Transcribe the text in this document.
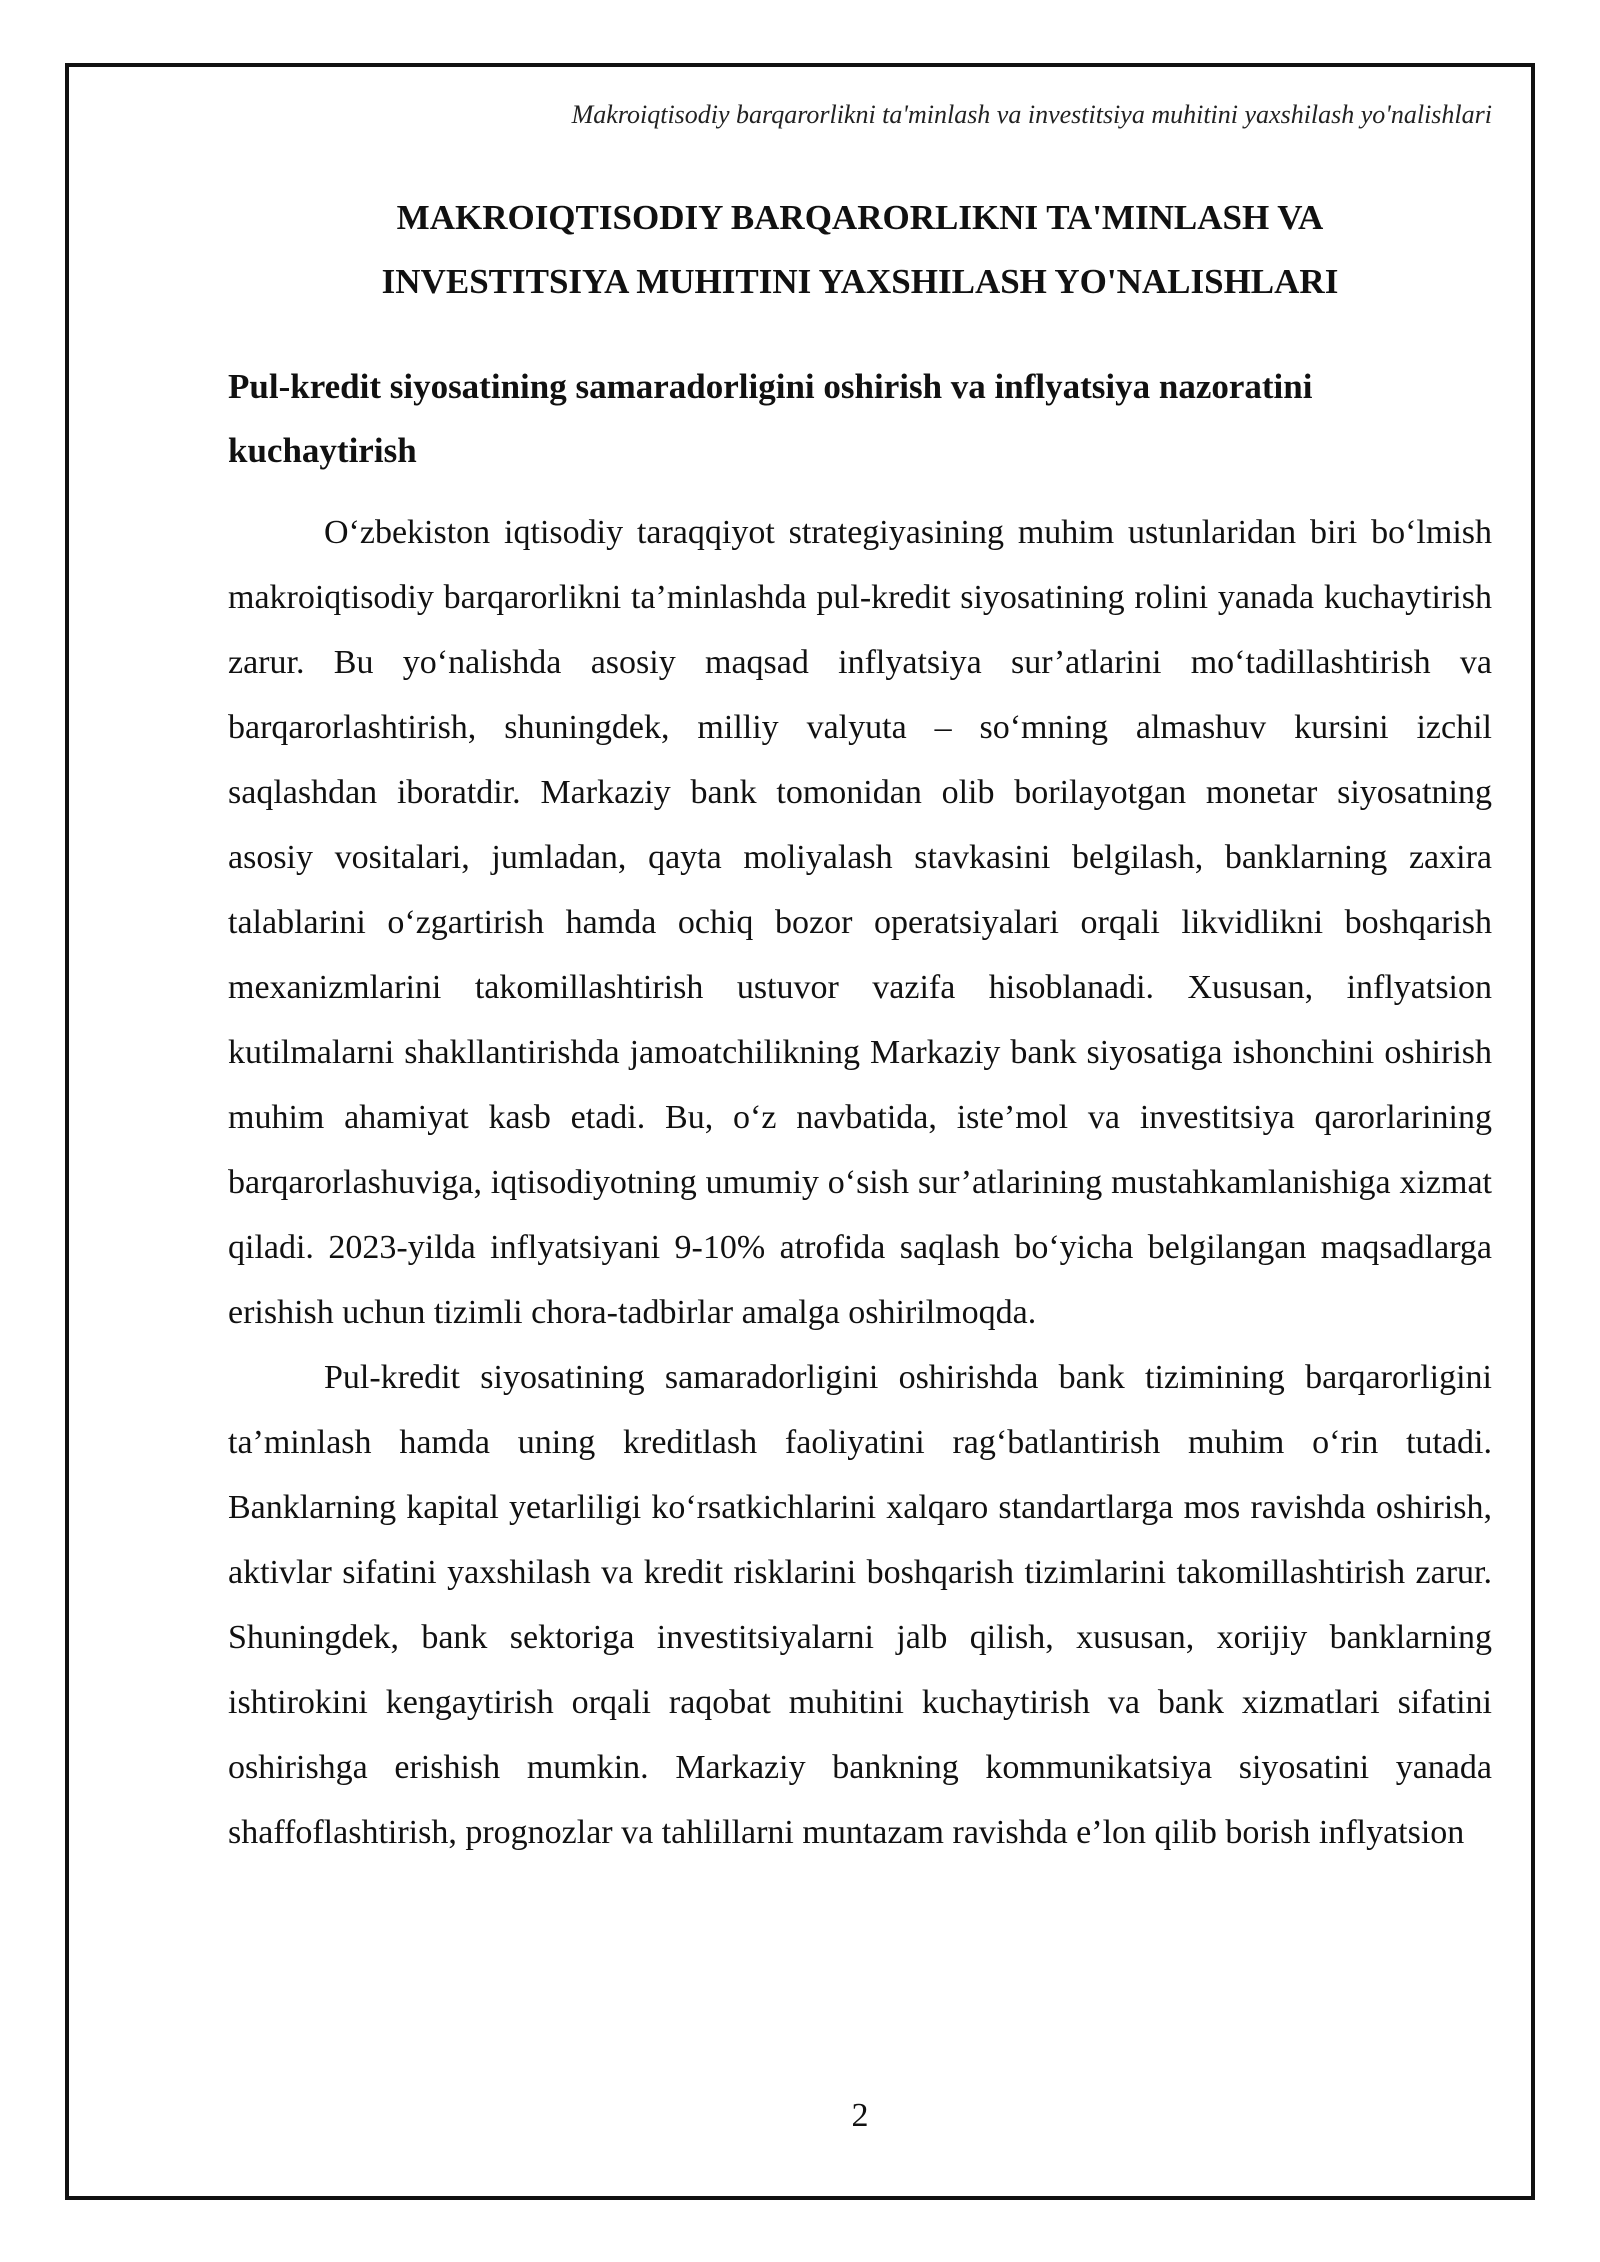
Makroiqtisodiy barqarorlikni ta'minlash va investitsiya muhitini yaxshilash yo'nalishlari
MAKROIQTISODIY BARQARORLIKNI TA'MINLASH VA
INVESTITSIYA MUHITINI YAXSHILASH YO'NALISHLARI
Pul-kredit siyosatining samaradorligini oshirish va inflyatsiya nazoratini kuchaytirish

O‘zbekiston iqtisodiy taraqqiyot strategiyasining muhim ustunlaridan biri bo‘lmish makroiqtisodiy barqarorlikni ta’minlashda pul-kredit siyosatining rolini yanada kuchaytirish zarur. Bu yo‘nalishda asosiy maqsad inflyatsiya sur’atlarini mo‘tadillashtirish va barqarorlashtirish, shuningdek, milliy valyuta – so‘mning almashuv kursini izchil saqlashdan iboratdir. Markaziy bank tomonidan olib borilayotgan monetar siyosatning asosiy vositalari, jumladan, qayta moliyalash stavkasini belgilash, banklarning zaxira talablarini o‘zgartirish hamda ochiq bozor operatsiyalari orqali likvidlikni boshqarish mexanizmlarini takomillashtirish ustuvor vazifa hisoblanadi. Xususan, inflyatsion kutilmalarni shakllantirishda jamoatchilikning Markaziy bank siyosatiga ishonchini oshirish muhim ahamiyat kasb etadi. Bu, o‘z navbatida, iste’mol va investitsiya qarorlarining barqarorlashuviga, iqtisodiyotning umumiy o‘sish sur’atlarining mustahkamlanishiga xizmat qiladi. 2023-yilda inflyatsiyani 9-10% atrofida saqlash bo‘yicha belgilangan maqsadlarga erishish uchun tizimli chora-tadbirlar amalga oshirilmoqda.

Pul-kredit siyosatining samaradorligini oshirishda bank tizimining barqarorligini ta’minlash hamda uning kreditlash faoliyatini rag‘batlantirish muhim o‘rin tutadi. Banklarning kapital yetarliligi ko‘rsatkichlarini xalqaro standartlarga mos ravishda oshirish, aktivlar sifatini yaxshilash va kredit risklarini boshqarish tizimlarini takomillashtirish zarur. Shuningdek, bank sektoriga investitsiyalarni jalb qilish, xususan, xorijiy banklarning ishtirokini kengaytirish orqali raqobat muhitini kuchaytirish va bank xizmatlari sifatini oshirishga erishish mumkin. Markaziy bankning kommunikatsiya siyosatini yanada shaffoflashtirish, prognozlar va tahlillarni muntazam ravishda e’lon qilib borish inflyatsion

2
